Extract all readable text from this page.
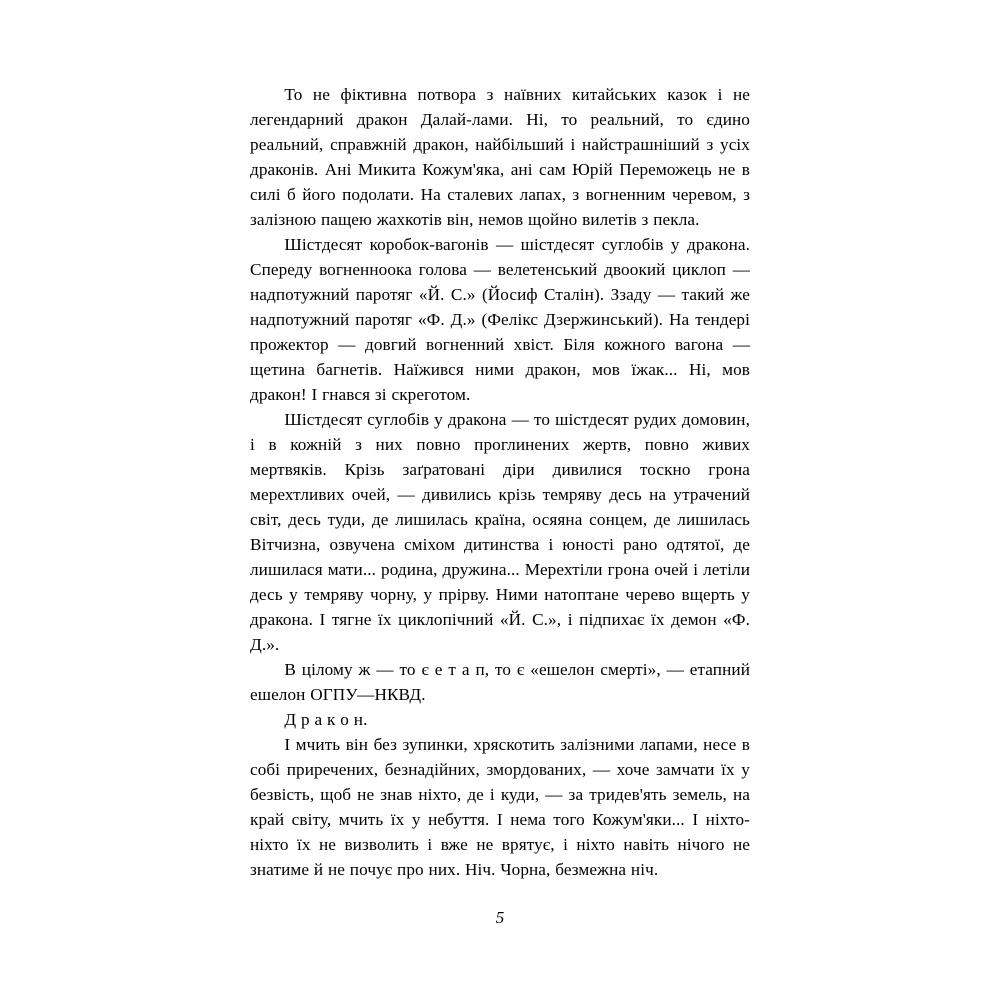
То не фіктивна потвора з наївних китайських казок і не легендарний дракон Далай-лами. Ні, то реальний, то єдино реальний, справжній дракон, найбільший і найстрашніший з усіх драконів. Ані Микита Кожум'яка, ані сам Юрій Переможець не в силі б його подолати. На сталевих лапах, з вогненним черевом, з залізною пащею жахкотів він, немов щойно вилетів з пекла.

Шістдесят коробок-вагонів — шістдесят суглобів у дракона. Спереду вогненноока голова — велетенський двоокий циклоп — надпотужний паротяг «Й. С.» (Йосиф Сталін). Ззаду — такий же надпотужний паротяг «Ф. Д.» (Фелікс Дзержинський). На тендері прожектор — довгий вогненний хвіст. Біля кожного вагона — щетина багнетів. Наїжився ними дракон, мов їжак... Ні, мов дракон! І гнався зі скреготом.

Шістдесят суглобів у дракона — то шістдесят рудих домовин, і в кожній з них повно проглинених жертв, повно живих мертвяків. Крізь заґратовані діри дивилися тоскно грона мерехтливих очей, — дивились крізь темряву десь на утрачений світ, десь туди, де лишилась країна, осяяна сонцем, де лишилась Вітчизна, озвучена сміхом дитинства і юності рано одтятої, де лишилася мати... родина, дружина... Мерехтіли грона очей і летіли десь у темряву чорну, у прірву. Ними натоптане черево вщерть у дракона. І тягне їх циклопічний «Й. С.», і підпихає їх демон «Ф. Д.».

В цілому ж — то є е т а п, то є «ешелон смерті», — етапний ешелон ОГПУ—НКВД.

Д р а к о н.

І мчить він без зупинки, хряскотить залізними лапами, несе в собі приречених, безнадійних, змордованих, — хоче замчати їх у безвість, щоб не знав ніхто, де і куди, — за тридев'ять земель, на край світу, мчить їх у небуття. І нема того Кожум'яки... І ніхто-ніхто їх не визволить і вже не врятує, і ніхто навіть нічого не знатиме й не почує про них. Ніч. Чорна, безмежна ніч.

5
